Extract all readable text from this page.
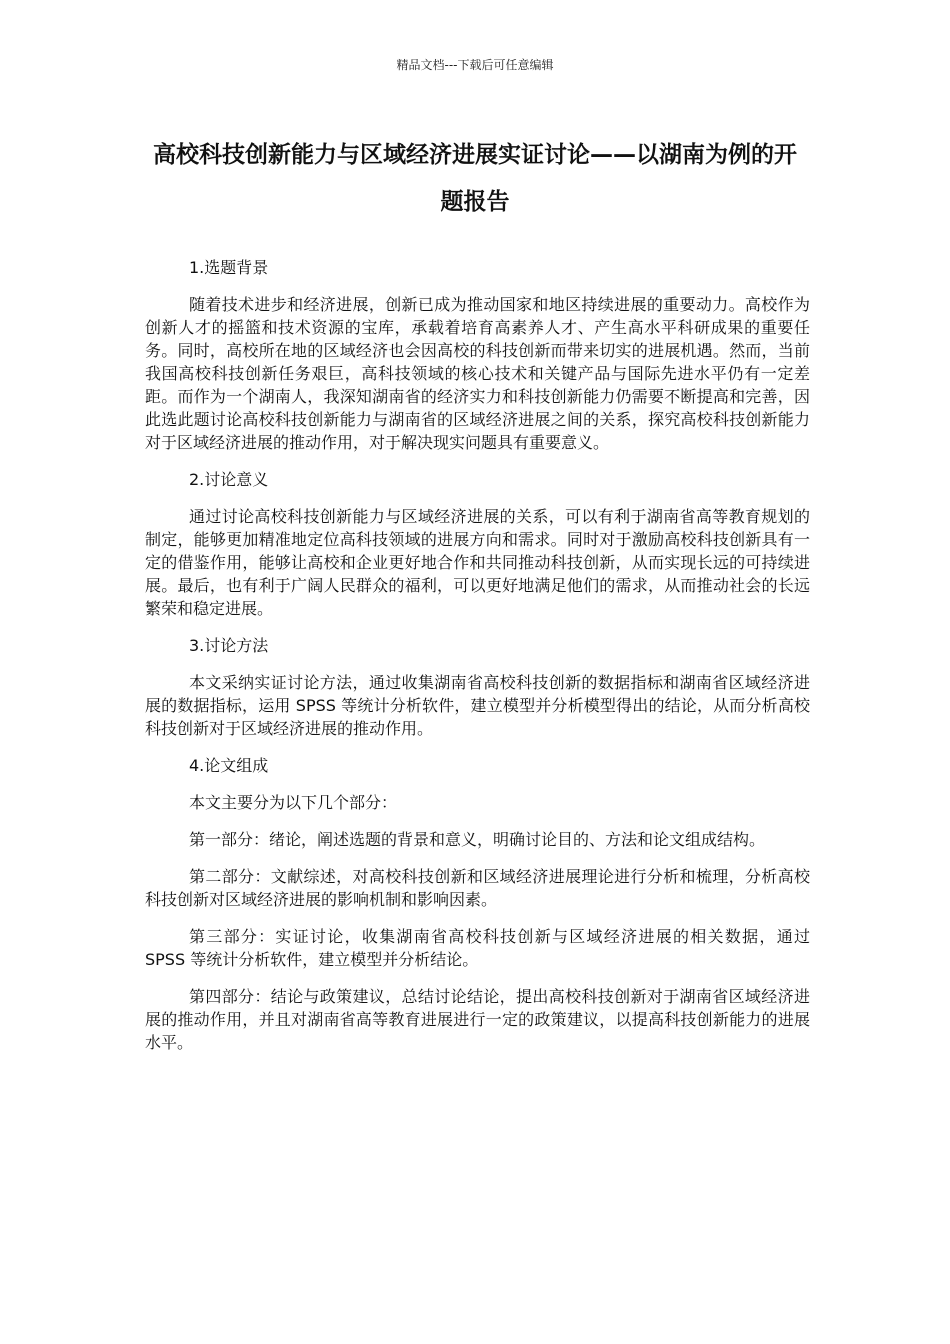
精品文档---下载后可任意编辑
高校科技创新能力与区域经济进展实证讨论——以湖南为例的开题报告

1.选题背景

随着技术进步和经济进展，创新已成为推动国家和地区持续进展的重要动力。高校作为创新人才的摇篮和技术资源的宝库，承载着培育高素养人才、产生高水平科研成果的重要任务。同时，高校所在地的区域经济也会因高校的科技创新而带来切实的进展机遇。然而，当前我国高校科技创新任务艰巨，高科技领域的核心技术和关键产品与国际先进水平仍有一定差距。而作为一个湖南人，我深知湖南省的经济实力和科技创新能力仍需要不断提高和完善，因此选此题讨论高校科技创新能力与湖南省的区域经济进展之间的关系，探究高校科技创新能力对于区域经济进展的推动作用，对于解决现实问题具有重要意义。

2.讨论意义

通过讨论高校科技创新能力与区域经济进展的关系，可以有利于湖南省高等教育规划的制定，能够更加精准地定位高科技领域的进展方向和需求。同时对于激励高校科技创新具有一定的借鉴作用，能够让高校和企业更好地合作和共同推动科技创新，从而实现长远的可持续进展。最后，也有利于广阔人民群众的福利，可以更好地满足他们的需求，从而推动社会的长远繁荣和稳定进展。

3.讨论方法

本文采纳实证讨论方法，通过收集湖南省高校科技创新的数据指标和湖南省区域经济进展的数据指标，运用 SPSS 等统计分析软件，建立模型并分析模型得出的结论，从而分析高校科技创新对于区域经济进展的推动作用。

4.论文组成

本文主要分为以下几个部分：

第一部分：绪论，阐述选题的背景和意义，明确讨论目的、方法和论文组成结构。

第二部分：文献综述，对高校科技创新和区域经济进展理论进行分析和梳理，分析高校科技创新对区域经济进展的影响机制和影响因素。

第三部分：实证讨论，收集湖南省高校科技创新与区域经济进展的相关数据，通过 SPSS 等统计分析软件，建立模型并分析结论。

第四部分：结论与政策建议，总结讨论结论，提出高校科技创新对于湖南省区域经济进展的推动作用，并且对湖南省高等教育进展进行一定的政策建议，以提高科技创新能力的进展水平。
